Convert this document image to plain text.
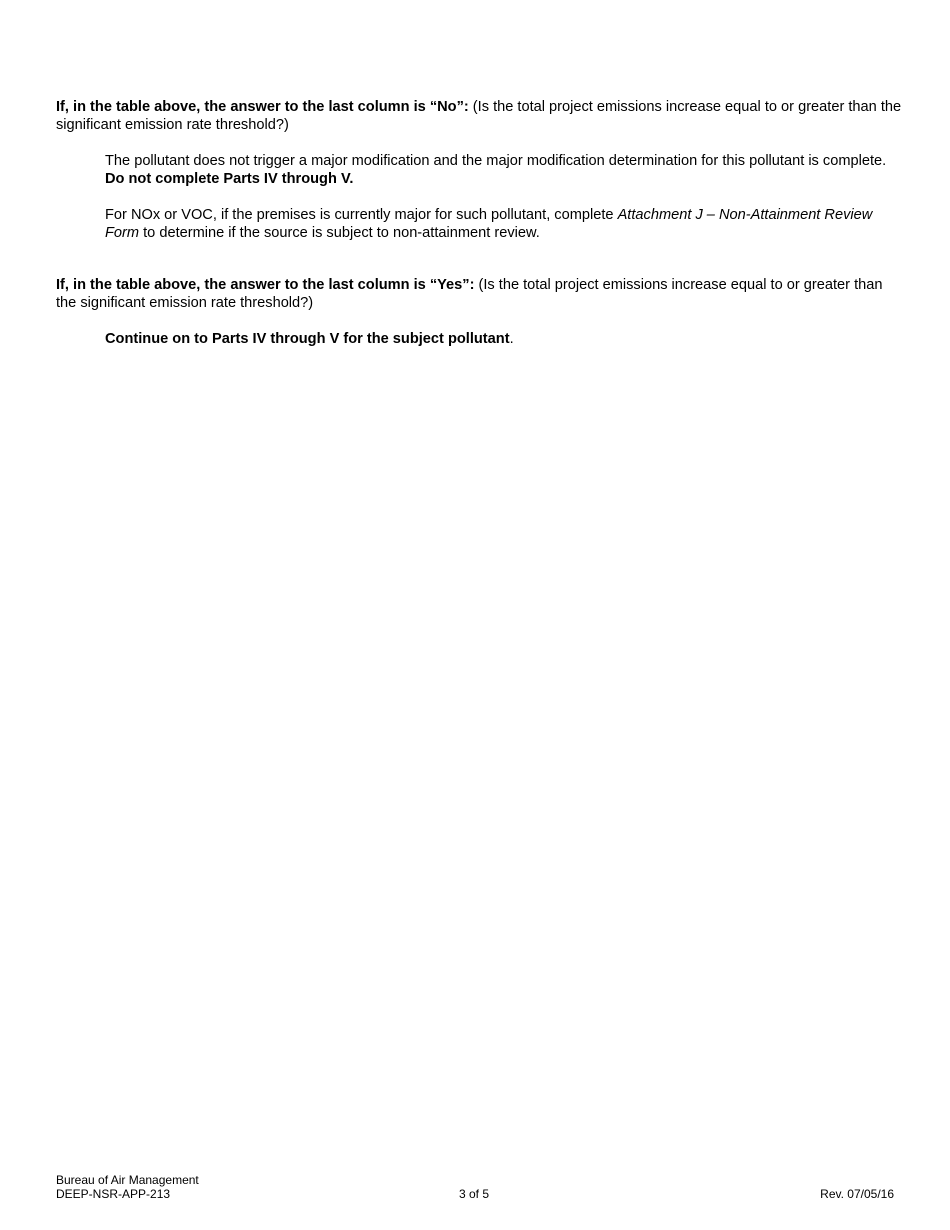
If, in the table above, the answer to the last column is “No”: (Is the total project emissions increase equal to or greater than the significant emission rate threshold?)

The pollutant does not trigger a major modification and the major modification determination for this pollutant is complete. Do not complete Parts IV through V.

For NOx or VOC, if the premises is currently major for such pollutant, complete Attachment J – Non-Attainment Review Form to determine if the source is subject to non-attainment review.

If, in the table above, the answer to the last column is “Yes”: (Is the total project emissions increase equal to or greater than the significant emission rate threshold?)

Continue on to Parts IV through V for the subject pollutant.

Bureau of Air Management
DEEP-NSR-APP-213	3 of 5	Rev. 07/05/16
